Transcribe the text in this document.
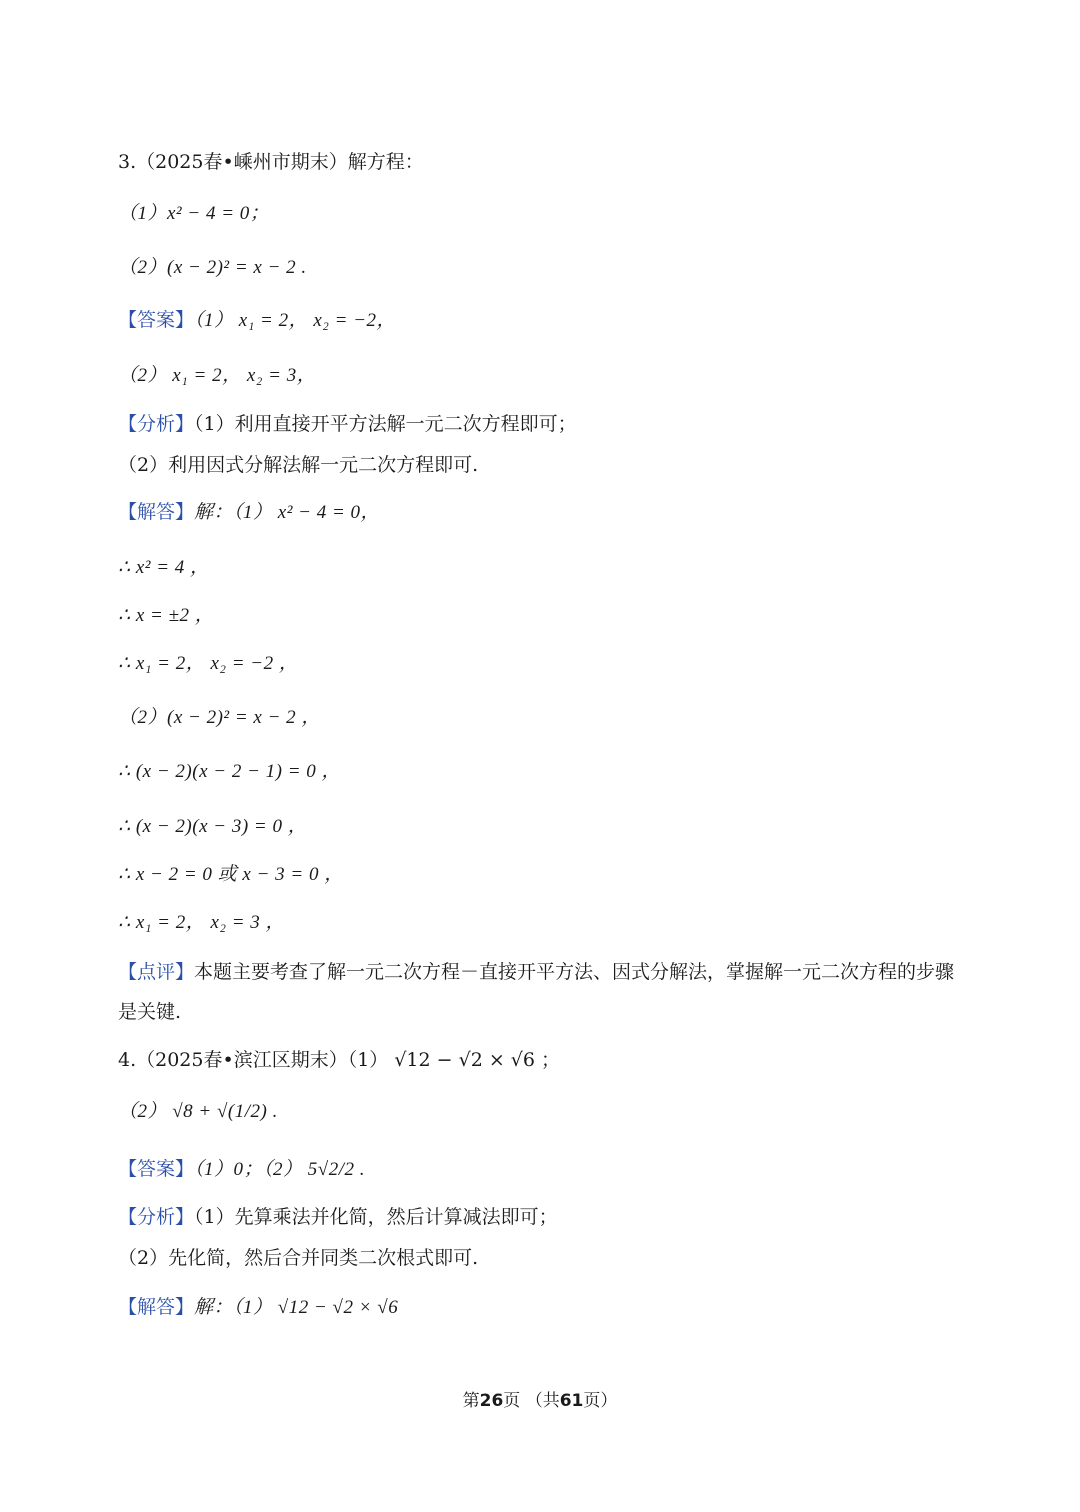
3.（2025春•嵊州市期末）解方程：
（1）x² − 4 = 0；
（2）(x − 2)² = x − 2 .
【答案】（1） x₁ = 2， x₂ = −2，
（2） x₁ = 2， x₂ = 3，
【分析】（1）利用直接开平方法解一元二次方程即可；
（2）利用因式分解法解一元二次方程即可.
【解答】解：（1） x² − 4 = 0，
∴ x² = 4 ，
∴ x = ±2 ，
∴ x₁ = 2， x₂ = −2 ，
（2）(x − 2)² = x − 2 ，
∴ (x − 2)(x − 2 − 1) = 0 ，
∴ (x − 2)(x − 3) = 0 ，
∴ x − 2 = 0 或 x − 3 = 0 ，
∴ x₁ = 2， x₂ = 3 ，
【点评】本题主要考查了解一元二次方程－直接开平方法、因式分解法，掌握解一元二次方程的步骤是关键.
4.（2025春•滨江区期末）（1） √12 − √2 × √6 ；
（2） √8 + √(1/2) .
【答案】（1）0；（2） 5√2/2 .
【分析】（1）先算乘法并化简，然后计算减法即可；
（2）先化简，然后合并同类二次根式即可.
【解答】解：（1） √12 − √2 × √6
第26页 （共61页）
